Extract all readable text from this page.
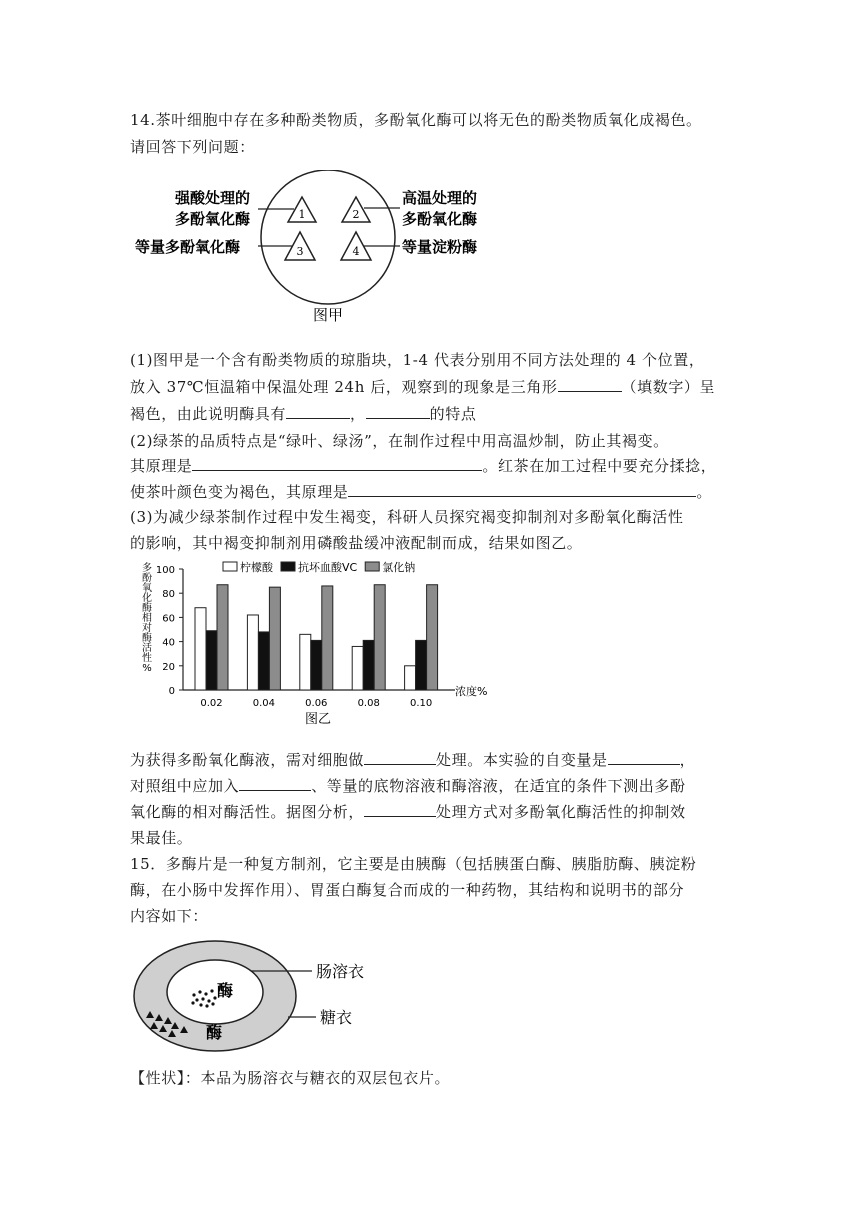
14.茶叶细胞中存在多种酚类物质，多酚氧化酶可以将无色的酚类物质氧化成褐色。
请回答下列问题：
1	2
3	4
强酸处理的
多酚氧化酶
高温处理的
多酚氧化酶
等量多酚氧化酶	等量淀粉酶
图甲
(1)图甲是一个含有酚类物质的琼脂块，1-4 代表分别用不同方法处理的 4 个位置，
放入 37℃恒温箱中保温处理 24h 后，观察到的现象是三角形	（填数字）呈
褐色，由此说明酶具有	，	的特点
(2)绿茶的品质特点是“绿叶、绿汤”，在制作过程中用高温炒制，防止其褐变。
其原理是	。红茶在加工过程中要充分揉捻，
使茶叶颜色变为褐色，其原理是	。
(3)为减少绿茶制作过程中发生褐变，科研人员探究褐变抑制剂对多酚氧化酶活性
的影响，其中褐变抑制剂用磷酸盐缓冲液配制而成，结果如图乙。
多
酚
氧
化
酶
相
对
酶
活
性
%
0
20
40
60
80
100
0.02	0.04	0.06	0.08	0.10
柠檬酸 抗坏血酸VC 氯化钠
浓度%
图乙
为获得多酚氧化酶液，需对细胞做	处理。本实验的自变量是	，
对照组中应加入	、等量的底物溶液和酶溶液，在适宜的条件下测出多酚
氧化酶的相对酶活性。据图分析，	处理方式对多酚氧化酶活性的抑制效
果最佳。
15．多酶片是一种复方制剂，它主要是由胰酶（包括胰蛋白酶、胰脂肪酶、胰淀粉
酶，在小肠中发挥作用）、胃蛋白酶复合而成的一种药物，其结构和说明书的部分
内容如下：
酶
酶
肠溶衣
糖衣
【性状】：本品为肠溶衣与糖衣的双层包衣片。
